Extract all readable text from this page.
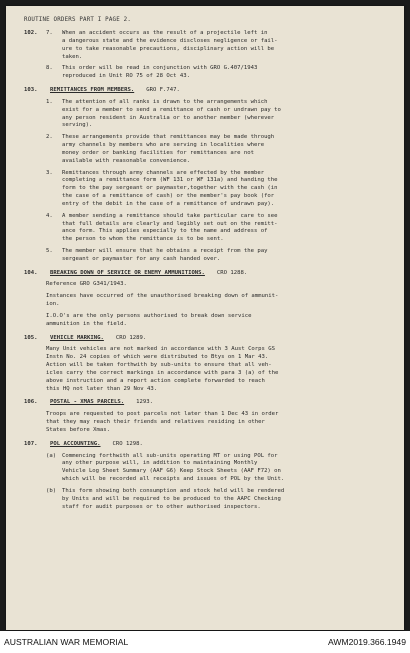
ROUTINE ORDERS PART I PAGE 2.
102.	7.	When an accident occurs as the result of a projectile left in
a dangerous state and the evidence discloses negligence or fail-
ure to take reasonable precautions, disciplinary action will be
taken.
8.	This order will be read in conjunction with GRO G.407/1943
reproduced in Unit RO 75 of 28 Oct 43.
103.	REMITTANCES FROM MEMBERS. GRO F.747.
1.	The attention of all ranks is drawn to the arrangements which
exist for a member to send a remittance of cash or undrawn pay to
any person resident in Australia or to another member (wherever
serving).
2.	These arrangements provide that remittances may be made through
army channels by members who are serving in localities where
money order or banking facilities for remittances are not
available with reasonable convenience.
3.	Remittances through army channels are effected by the member
completing a remittance form (WF 131 or WF 131a) and handing the
form to the pay sergeant or paymaster,together with the cash (in
the case of a remittance of cash) or the member's pay book (for
entry of the debit in the case of a remittance of undrawn pay).
4.	A member sending a remittance should take particular care to see
that full details are clearly and legibly set out on the remitt-
ance form. This applies especially to the name and address of
the person to whom the remittance is to be sent.
5.	The member will ensure that he obtains a receipt from the pay
sergeant or paymaster for any cash handed over.
104.	BREAKING DOWN OF SERVICE OR ENEMY AMMUNITIONS. CRO 1288.
Reference GRO G341/1943.
Instances have occurred of the unauthorised breaking down of ammunit-
ion.
I.O.O's are the only persons authorised to break down service
ammunition in the field.
105.	VEHICLE MARKING. CRO 1289.
Many Unit vehicles are not marked in accordance with 3 Aust Corps GS
Instn No. 24 copies of which were distributed to Btys on 1 Mar 43.
Action will be taken forthwith by sub-units to ensure that all veh-
icles carry the correct markings in accordance with para 3 (a) of the
above instruction and a report action complete forwarded to reach
this HQ not later than 29 Nov 43.
106.	POSTAL - XMAS PARCELS. 1293.
Troops are requested to post parcels not later than 1 Dec 43 in order
that they may reach their friends and relatives residing in other
States before Xmas.
107.	POL ACCOUNTING. CRO 1298.
(a)	Commencing forthwith all sub-units operating MT or using POL for
any other purpose will, in addition to maintaining Monthly
Vehicle Log Sheet Summary (AAF G6) Keep Stock Sheets (AAF F72) on
which will be recorded all receipts and issues of POL by the Unit.
(b)	This form showing both consumption and stock held will be rendered
by Units and will be required to be produced to the AAPC Checking
staff for audit purposes or to other authorised inspectors.
AUSTRALIAN WAR MEMORIAL	AWM2019.366.1949
